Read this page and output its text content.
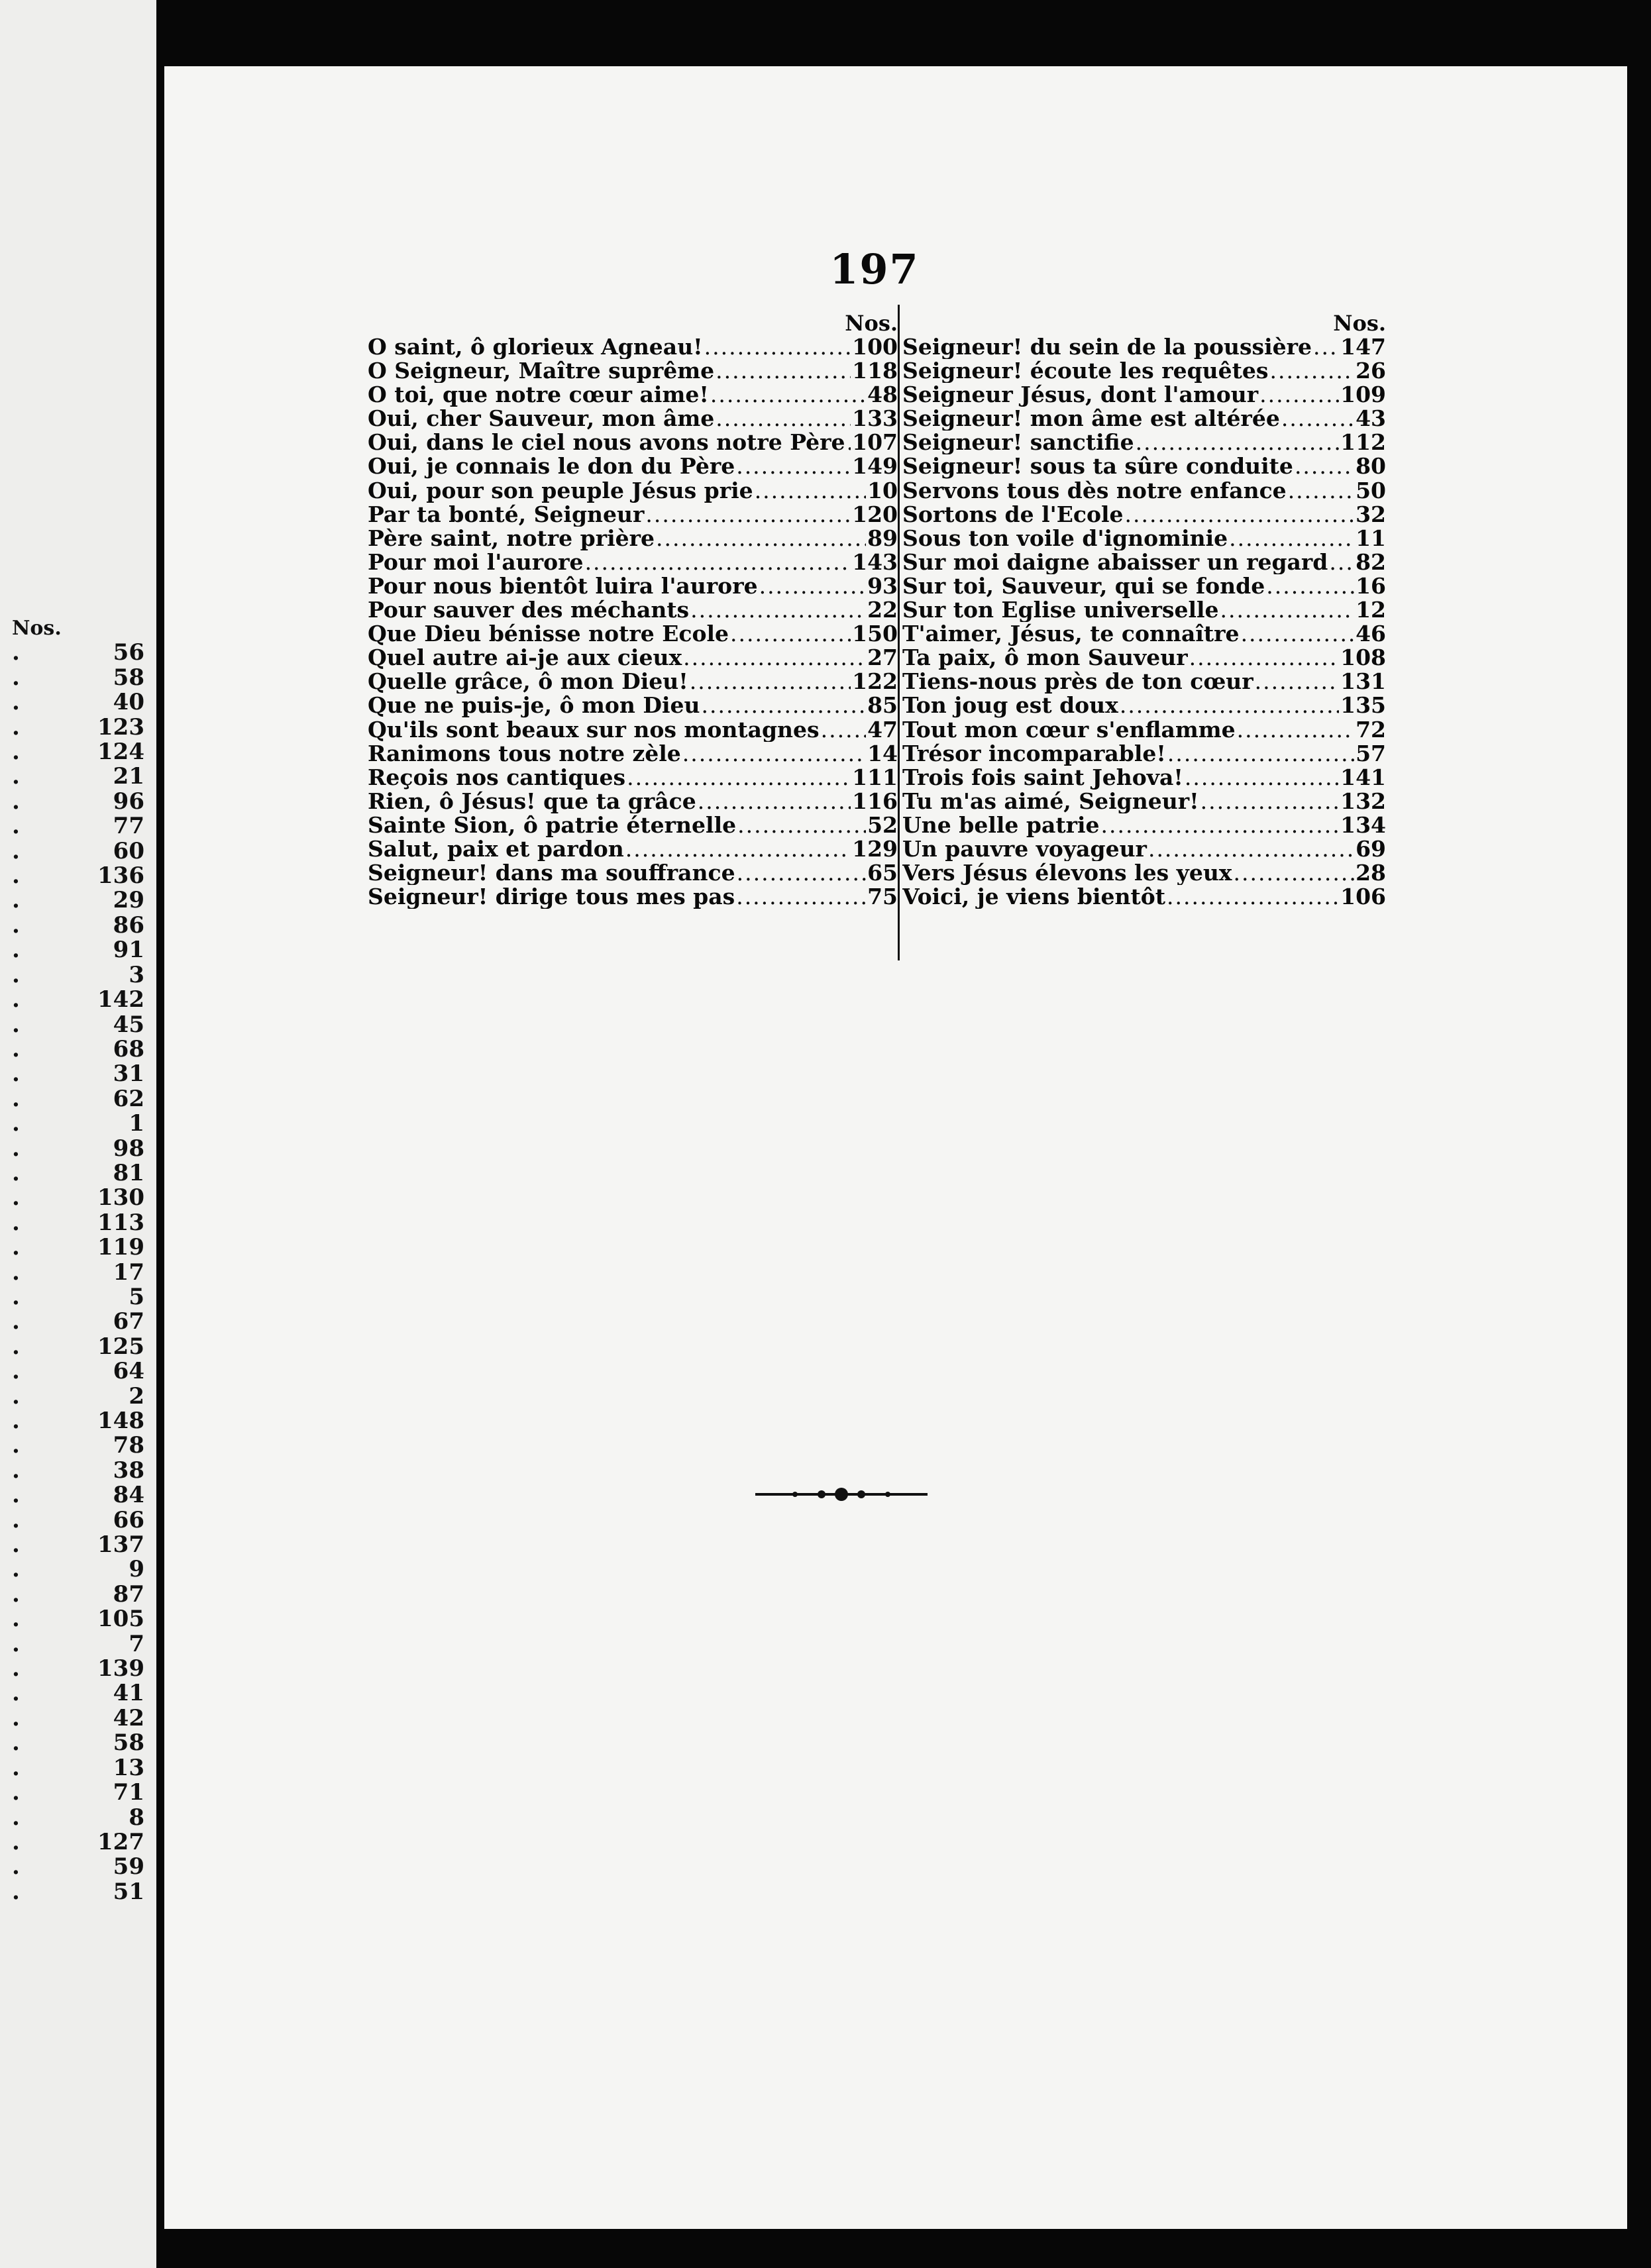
Nos.
.	56
.	58
.	40
.	123
.	124
.	21
.	96
.	77
.	60
.	136
.	29
.	86
.	91
.	3
.	142
.	45
.	68
.	31
.	62
.	1
.	98
.	81
.	130
.	113
.	119
.	17
.	5
.	67
.	125
.	64
.	2
.	148
.	78
.	38
.	84
.	66
.	137
.	9
.	87
.	105
.	7
.	139
.	41
.	42
.	58
.	13
.	71
.	8
.	127
.	59
.	51
197
Nos.
O saint, ô glorieux Agneau! .....	100
O Seigneur, Maître suprême .....	118
O toi, que notre cœur aime! .....	48
Oui, cher Sauveur, mon âme .....	133
Oui, dans le ciel nous avons notre Père ..... 107
Oui, je connais le don du Père .....	149
Oui, pour son peuple Jésus prie .....	10
Par ta bonté, Seigneur .....	120
Père saint, notre prière .....	89
Pour moi l'aurore .....	143
Pour nous bientôt luira l'aurore .....	93
Pour sauver des méchants .....	22
Que Dieu bénisse notre Ecole .....	150
Quel autre ai-je aux cieux .....	27
Quelle grâce, ô mon Dieu! .....	122
Que ne puis-je, ô mon Dieu .....	85
Qu'ils sont beaux sur nos montagnes ..... 47
Ranimons tous notre zèle .....	14
Reçois nos cantiques .....	111
Rien, ô Jésus! que ta grâce .....	116
Sainte Sion, ô patrie éternelle .....	52
Salut, paix et pardon .....	129
Seigneur! dans ma souffrance .....	65
Seigneur! dirige tous mes pas .....	75
Nos.
Seigneur! du sein de la poussière ..... 147
Seigneur! écoute les requêtes .....	26
Seigneur Jésus, dont l'amour .....	109
Seigneur! mon âme est altérée .....	43
Seigneur! sanctifie .....	112
Seigneur! sous ta sûre conduite .....	80
Servons tous dès notre enfance .....	50
Sortons de l'Ecole .....	32
Sous ton voile d'ignominie .....	11
Sur moi daigne abaisser un regard ..... 82
Sur toi, Sauveur, qui se fonde .....	16
Sur ton Eglise universelle .....	12
T'aimer, Jésus, te connaître .....	46
Ta paix, ô mon Sauveur .....	108
Tiens-nous près de ton cœur .....	131
Ton joug est doux .....	135
Tout mon cœur s'enflamme .....	72
Trésor incomparable! .....	57
Trois fois saint Jehova! .....	141
Tu m'as aimé, Seigneur! .....	132
Une belle patrie .....	134
Un pauvre voyageur .....	69
Vers Jésus élevons les yeux .....	28
Voici, je viens bientôt .....	106
